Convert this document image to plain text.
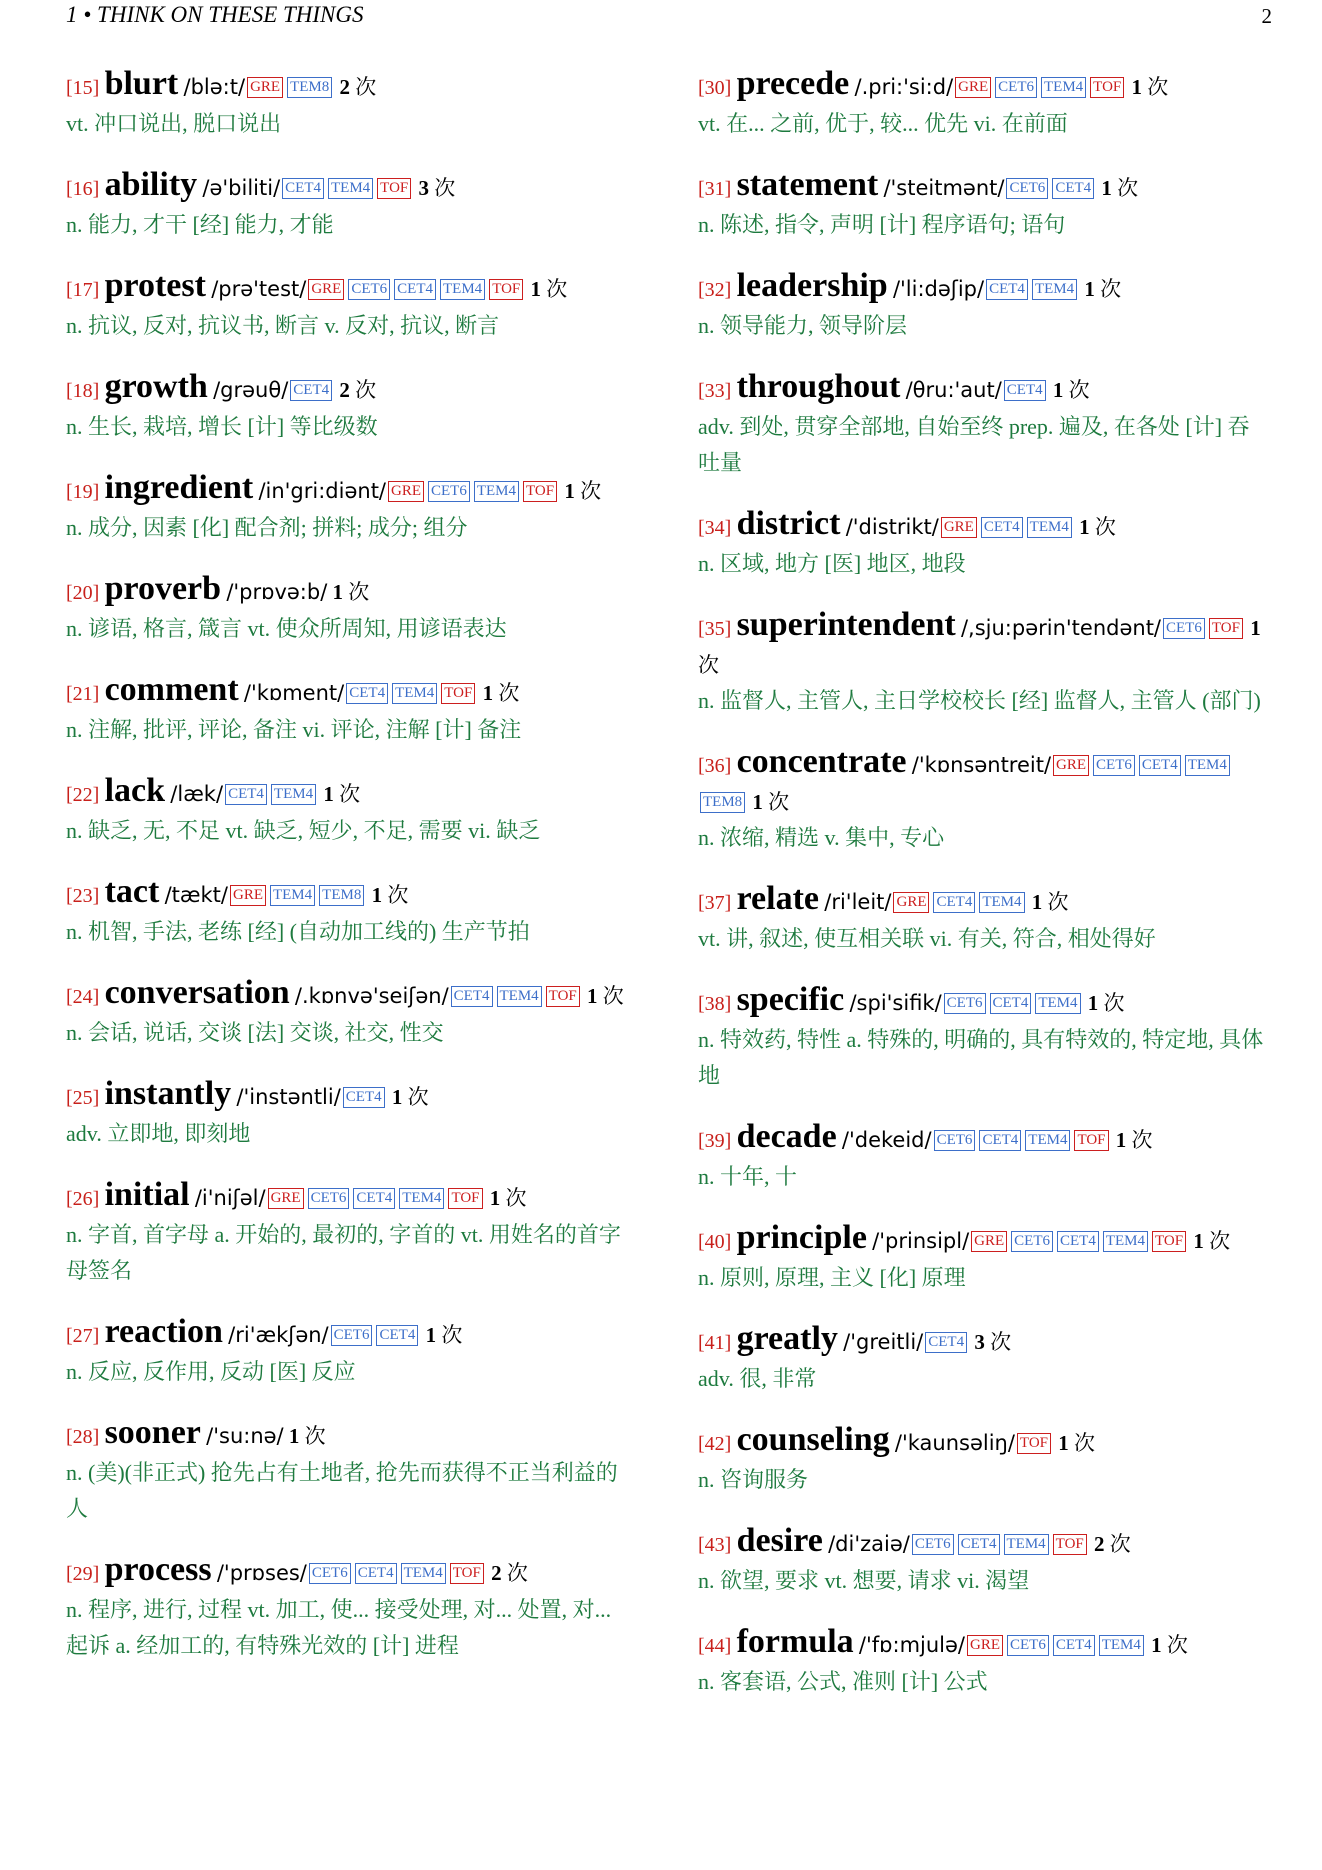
1 • THINK ON THESE THINGS	2
[15] blurt /blə:t/ GRE TEM8 2 次
vt. 冲口说出, 脱口说出
[16] ability /ə'biliti/ CET4 TEM4 TOF 3 次
n. 能力, 才干 [经] 能力, 才能
[17] protest /prə'test/ GRE CET6 CET4 TEM4 TOF 1 次
n. 抗议, 反对, 抗议书, 断言 v. 反对, 抗议, 断言
[18] growth /grəuθ/ CET4 2 次
n. 生长, 栽培, 增长 [计] 等比级数
[19] ingredient /in'gri:diənt/ GRE CET6 TEM4 TOF 1 次
n. 成分, 因素 [化] 配合剂; 拼料; 成分; 组分
[20] proverb /'prɒvə:b/ 1 次
n. 谚语, 格言, 箴言 vt. 使众所周知, 用谚语表达
[21] comment /'kɒment/ CET4 TEM4 TOF 1 次
n. 注解, 批评, 评论, 备注 vi. 评论, 注解 [计] 备注
[22] lack /læk/ CET4 TEM4 1 次
n. 缺乏, 无, 不足 vt. 缺乏, 短少, 不足, 需要 vi. 缺乏
[23] tact /tækt/ GRE TEM4 TEM8 1 次
n. 机智, 手法, 老练 [经] (自动加工线的) 生产节拍
[24] conversation /.kɒnvə'seiʃən/ CET4 TEM4 TOF 1 次
n. 会话, 说话, 交谈 [法] 交谈, 社交, 性交
[25] instantly /'instəntli/ CET4 1 次
adv. 立即地, 即刻地
[26] initial /i'niʃəl/ GRE CET6 CET4 TEM4 TOF 1 次
n. 字首, 首字母 a. 开始的, 最初的, 字首的 vt. 用姓名的首字母签名
[27] reaction /ri'ækʃən/ CET6 CET4 1 次
n. 反应, 反作用, 反动 [医] 反应
[28] sooner /'su:nə/ 1 次
n. (美)(非正式) 抢先占有土地者, 抢先而获得不正当利益的人
[29] process /'prɒses/ CET6 CET4 TEM4 TOF 2 次
n. 程序, 进行, 过程 vt. 加工, 使... 接受处理, 对... 处置, 对... 起诉 a. 经加工的, 有特殊光效的 [计] 进程
[30] precede /.pri:'si:d/ GRE CET6 TEM4 TOF 1 次
vt. 在... 之前, 优于, 较... 优先 vi. 在前面
[31] statement /'steitmənt/ CET6 CET4 1 次
n. 陈述, 指令, 声明 [计] 程序语句; 语句
[32] leadership /'li:dəʃip/ CET4 TEM4 1 次
n. 领导能力, 领导阶层
[33] throughout /θru:'aut/ CET4 1 次
adv. 到处, 贯穿全部地, 自始至终 prep. 遍及, 在各处 [计] 吞吐量
[34] district /'distrikt/ GRE CET4 TEM4 1 次
n. 区域, 地方 [医] 地区, 地段
[35] superintendent /,sju:pərin'tendənt/ CET6 TOF 1 次
n. 监督人, 主管人, 主日学校校长 [经] 监督人, 主管人 (部门)
[36] concentrate /'kɒnsəntreit/ GRE CET6 CET4 TEM4TEM8 1 次
n. 浓缩, 精选 v. 集中, 专心
[37] relate /ri'leit/ GRE CET4 TEM4 1 次
vt. 讲, 叙述, 使互相关联 vi. 有关, 符合, 相处得好
[38] specific /spi'sifik/ CET6 CET4 TEM4 1 次
n. 特效药, 特性 a. 特殊的, 明确的, 具有特效的, 特定地, 具体地
[39] decade /'dekeid/ CET6 CET4 TEM4 TOF 1 次
n. 十年, 十
[40] principle /'prinsipl/ GRE CET6 CET4 TEM4 TOF 1 次
n. 原则, 原理, 主义 [化] 原理
[41] greatly /'greitli/ CET4 3 次
adv. 很, 非常
[42] counseling /'kaunsəliŋ/ TOF 1 次
n. 咨询服务
[43] desire /di'zaiə/ CET6 CET4 TEM4 TOF 2 次
n. 欲望, 要求 vt. 想要, 请求 vi. 渴望
[44] formula /'fɒ:mjulə/ GRE CET6 CET4 TEM4 1 次
n. 客套语, 公式, 准则 [计] 公式
